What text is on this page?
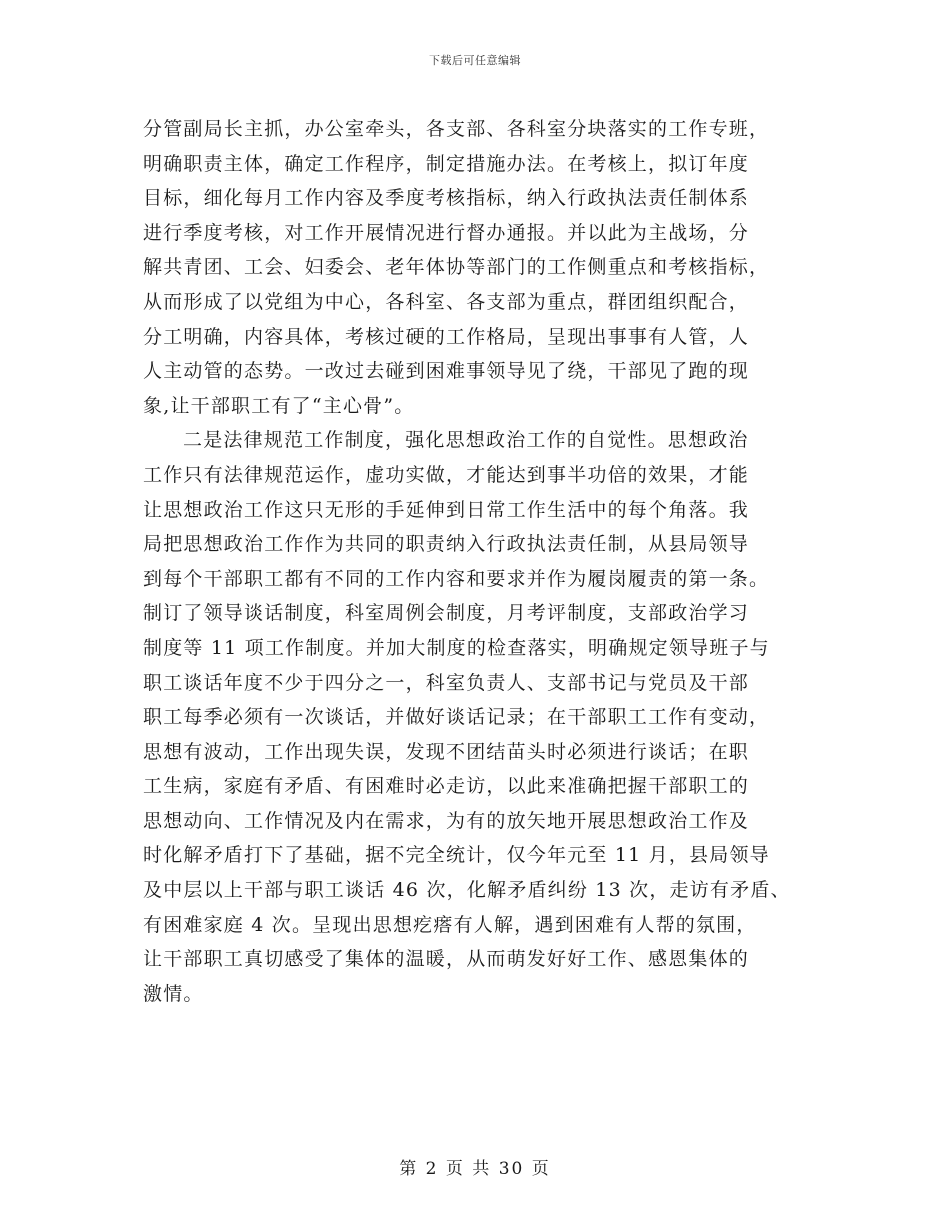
下载后可任意编辑
分管副局长主抓，办公室牵头，各支部、各科室分块落实的工作专班，
明确职责主体，确定工作程序，制定措施办法。在考核上，拟订年度
目标，细化每月工作内容及季度考核指标，纳入行政执法责任制体系
进行季度考核，对工作开展情况进行督办通报。并以此为主战场，分
解共青团、工会、妇委会、老年体协等部门的工作侧重点和考核指标，
从而形成了以党组为中心，各科室、各支部为重点，群团组织配合，
分工明确，内容具体，考核过硬的工作格局，呈现出事事有人管，人
人主动管的态势。一改过去碰到困难事领导见了绕，干部见了跑的现
象,让干部职工有了“主心骨”。
二是法律规范工作制度，强化思想政治工作的自觉性。思想政治
工作只有法律规范运作，虚功实做，才能达到事半功倍的效果，才能
让思想政治工作这只无形的手延伸到日常工作生活中的每个角落。我
局把思想政治工作作为共同的职责纳入行政执法责任制，从县局领导
到每个干部职工都有不同的工作内容和要求并作为履岗履责的第一条。
制订了领导谈话制度，科室周例会制度，月考评制度，支部政治学习
制度等 11 项工作制度。并加大制度的检查落实，明确规定领导班子与
职工谈话年度不少于四分之一，科室负责人、支部书记与党员及干部
职工每季必须有一次谈话，并做好谈话记录；在干部职工工作有变动，
思想有波动，工作出现失误，发现不团结苗头时必须进行谈话；在职
工生病，家庭有矛盾、有困难时必走访，以此来准确把握干部职工的
思想动向、工作情况及内在需求，为有的放矢地开展思想政治工作及
时化解矛盾打下了基础，据不完全统计，仅今年元至 11 月，县局领导
及中层以上干部与职工谈话 46 次，化解矛盾纠纷 13 次，走访有矛盾、
有困难家庭 4 次。呈现出思想疙瘩有人解，遇到困难有人帮的氛围，
让干部职工真切感受了集体的温暖，从而萌发好好工作、感恩集体的
激情。
第 2 页 共 30 页
